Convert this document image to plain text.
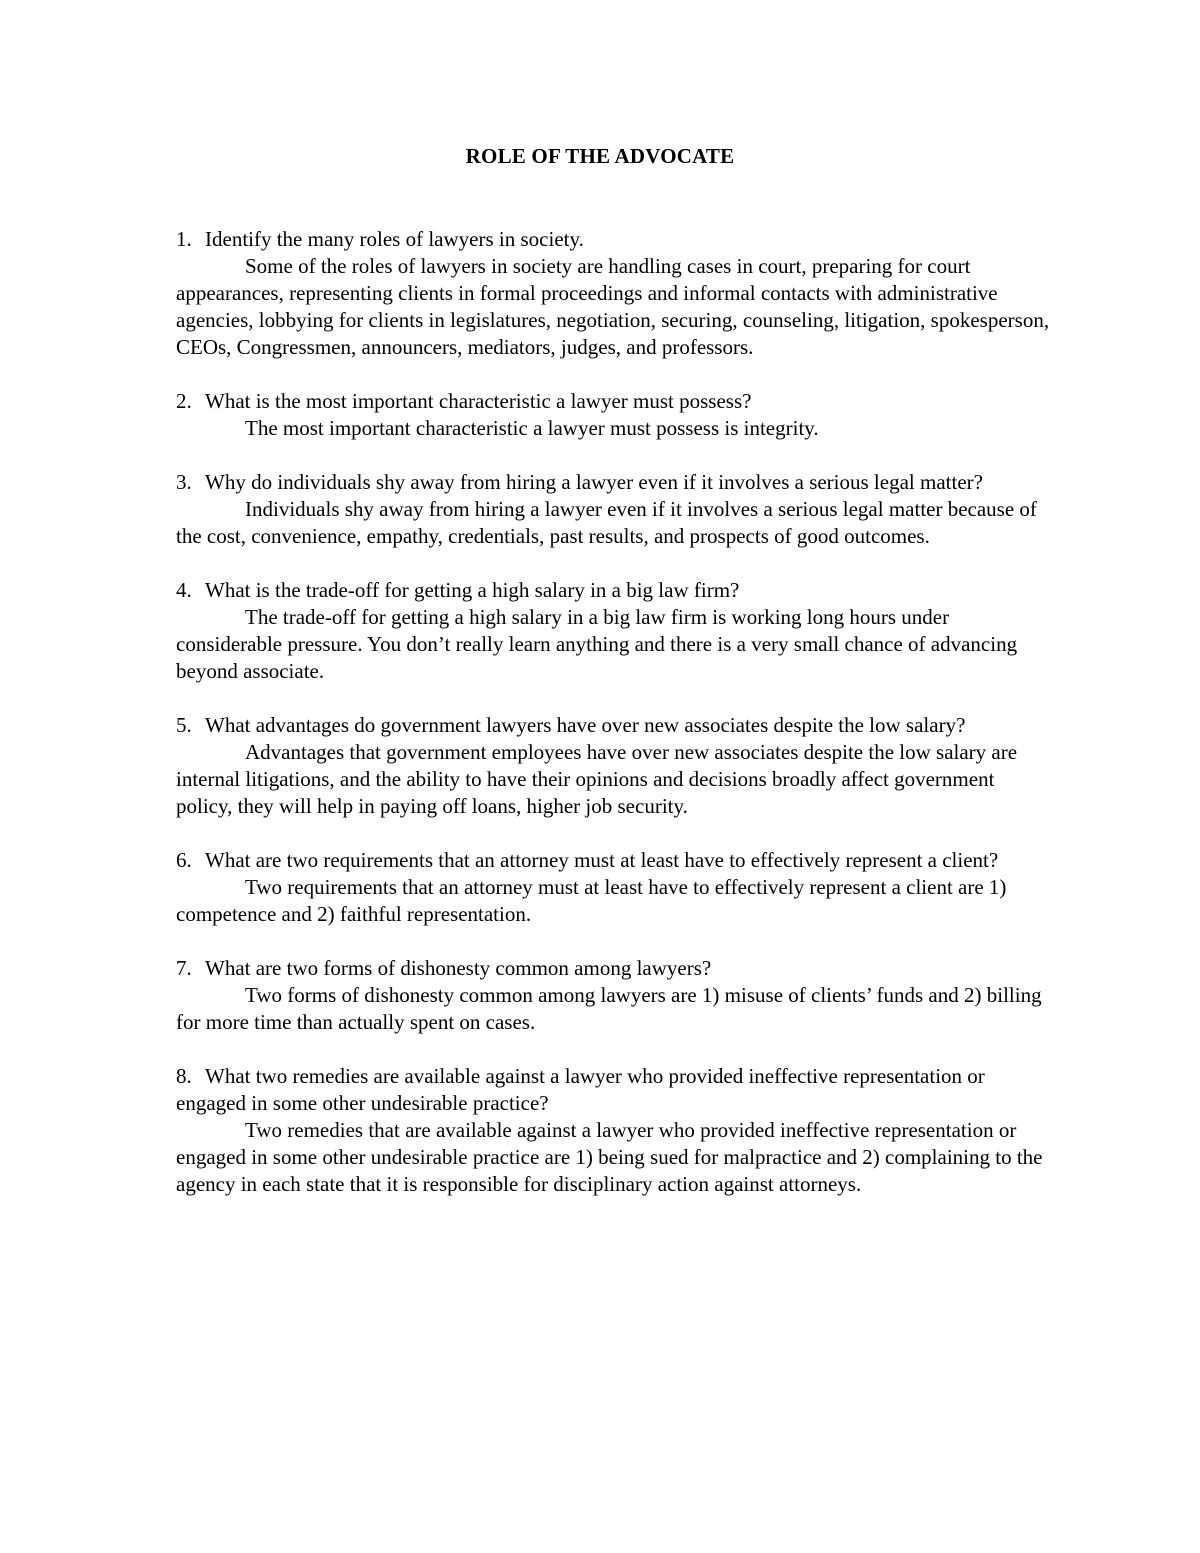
ROLE OF THE ADVOCATE

1. Identify the many roles of lawyers in society.

Some of the roles of lawyers in society are handling cases in court, preparing for court appearances, representing clients in formal proceedings and informal contacts with administrative agencies, lobbying for clients in legislatures, negotiation, securing, counseling, litigation, spokesperson, CEOs, Congressmen, announcers, mediators, judges, and professors.

2. What is the most important characteristic a lawyer must possess?

The most important characteristic a lawyer must possess is integrity.

3. Why do individuals shy away from hiring a lawyer even if it involves a serious legal matter?

Individuals shy away from hiring a lawyer even if it involves a serious legal matter because of the cost, convenience, empathy, credentials, past results, and prospects of good outcomes.

4. What is the trade-off for getting a high salary in a big law firm?

The trade-off for getting a high salary in a big law firm is working long hours under considerable pressure. You don’t really learn anything and there is a very small chance of advancing beyond associate.

5. What advantages do government lawyers have over new associates despite the low salary?

Advantages that government employees have over new associates despite the low salary are internal litigations, and the ability to have their opinions and decisions broadly affect government policy, they will help in paying off loans, higher job security.

6. What are two requirements that an attorney must at least have to effectively represent a client?

Two requirements that an attorney must at least have to effectively represent a client are 1) competence and 2) faithful representation.

7. What are two forms of dishonesty common among lawyers?

Two forms of dishonesty common among lawyers are 1) misuse of clients’ funds and 2) billing for more time than actually spent on cases.

8. What two remedies are available against a lawyer who provided ineffective representation or engaged in some other undesirable practice?

Two remedies that are available against a lawyer who provided ineffective representation or engaged in some other undesirable practice are 1) being sued for malpractice and 2) complaining to the agency in each state that it is responsible for disciplinary action against attorneys.
